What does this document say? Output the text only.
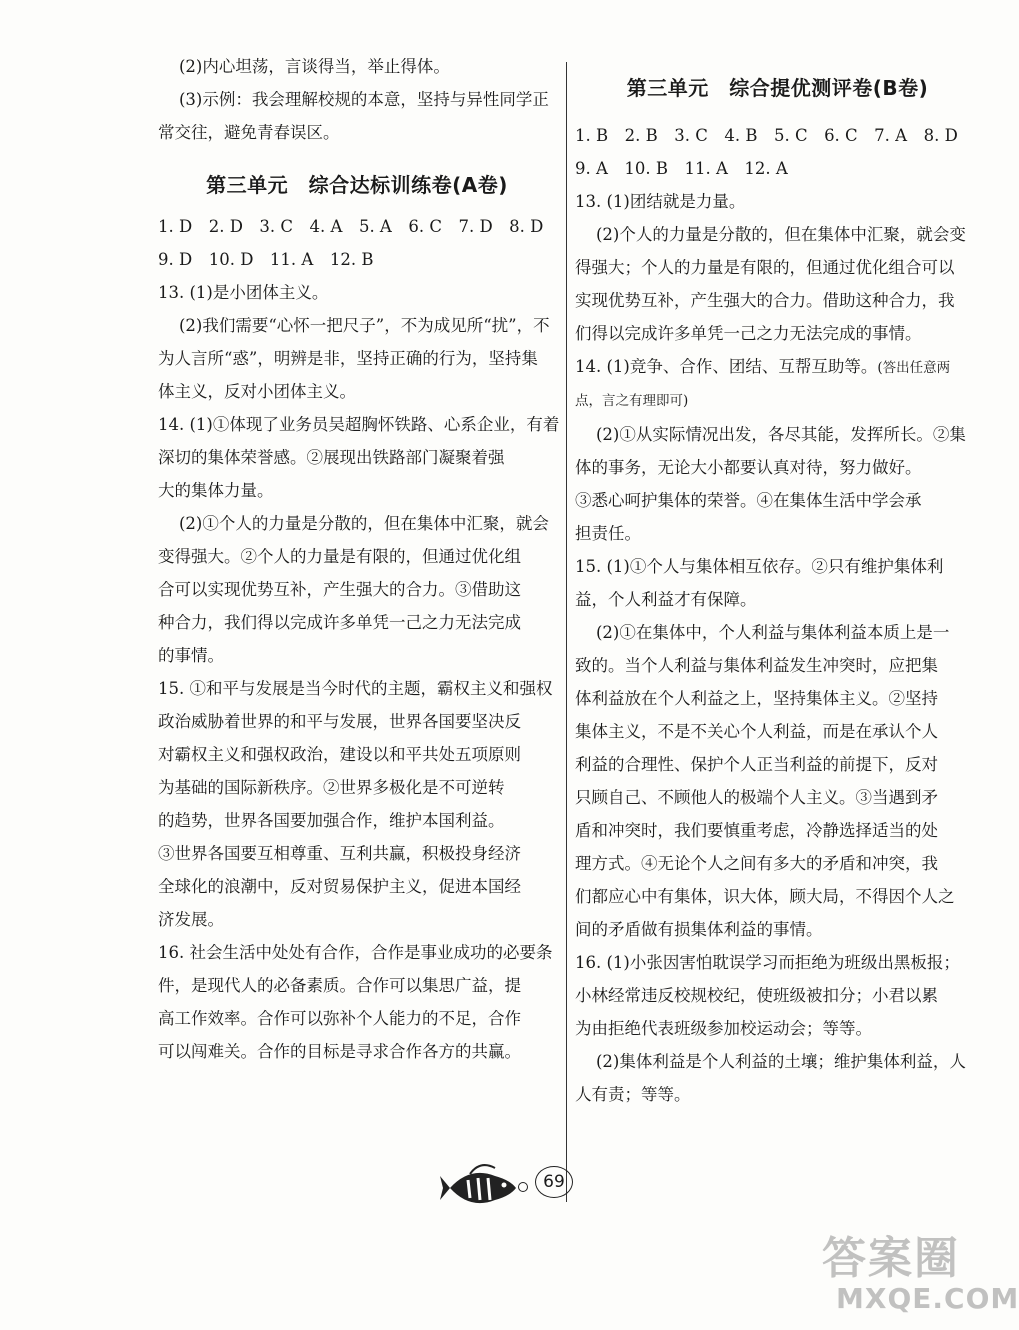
(2)内心坦荡，言谈得当，举止得体。

(3)示例：我会理解校规的本意，坚持与异性同学正

常交往，避免青春误区。

第三单元　综合达标训练卷(A卷)

1. D　2. D　3. C　4. A　5. A　6. C　7. D　8. D

9. D　10. D　11. A　12. B

13. (1)是小团体主义。

(2)我们需要“心怀一把尺子”，不为成见所“扰”，不

为人言所“惑”，明辨是非，坚持正确的行为，坚持集

体主义，反对小团体主义。

14. (1)①体现了业务员吴超胸怀铁路、心系企业，有着

深切的集体荣誉感。②展现出铁路部门凝聚着强

大的集体力量。

(2)①个人的力量是分散的，但在集体中汇聚，就会

变得强大。②个人的力量是有限的，但通过优化组

合可以实现优势互补，产生强大的合力。③借助这

种合力，我们得以完成许多单凭一己之力无法完成

的事情。

15. ①和平与发展是当今时代的主题，霸权主义和强权

政治威胁着世界的和平与发展，世界各国要坚决反

对霸权主义和强权政治，建设以和平共处五项原则

为基础的国际新秩序。②世界多极化是不可逆转

的趋势，世界各国要加强合作，维护本国利益。

③世界各国要互相尊重、互利共赢，积极投身经济

全球化的浪潮中，反对贸易保护主义，促进本国经

济发展。

16. 社会生活中处处有合作，合作是事业成功的必要条

件，是现代人的必备素质。合作可以集思广益，提

高工作效率。合作可以弥补个人能力的不足，合作

可以闯难关。合作的目标是寻求合作各方的共赢。

第三单元　综合提优测评卷(B卷)

1. B　2. B　3. C　4. B　5. C　6. C　7. A　8. D

9. A　10. B　11. A　12. A

13. (1)团结就是力量。

(2)个人的力量是分散的，但在集体中汇聚，就会变

得强大；个人的力量是有限的，但通过优化组合可以

实现优势互补，产生强大的合力。借助这种合力，我

们得以完成许多单凭一己之力无法完成的事情。

14. (1)竞争、合作、团结、互帮互助等。(答出任意两

点，言之有理即可)

(2)①从实际情况出发，各尽其能，发挥所长。②集

体的事务，无论大小都要认真对待，努力做好。

③悉心呵护集体的荣誉。④在集体生活中学会承

担责任。

15. (1)①个人与集体相互依存。②只有维护集体利

益，个人利益才有保障。

(2)①在集体中，个人利益与集体利益本质上是一

致的。当个人利益与集体利益发生冲突时，应把集

体利益放在个人利益之上，坚持集体主义。②坚持

集体主义，不是不关心个人利益，而是在承认个人

利益的合理性、保护个人正当利益的前提下，反对

只顾自己、不顾他人的极端个人主义。③当遇到矛

盾和冲突时，我们要慎重考虑，冷静选择适当的处

理方式。④无论个人之间有多大的矛盾和冲突，我

们都应心中有集体，识大体，顾大局，不得因个人之

间的矛盾做有损集体利益的事情。

16. (1)小张因害怕耽误学习而拒绝为班级出黑板报；

小林经常违反校规校纪，使班级被扣分；小君以累

为由拒绝代表班级参加校运动会；等等。

(2)集体利益是个人利益的土壤；维护集体利益，人

人有责；等等。

69
答案圈
MXQE.COM
